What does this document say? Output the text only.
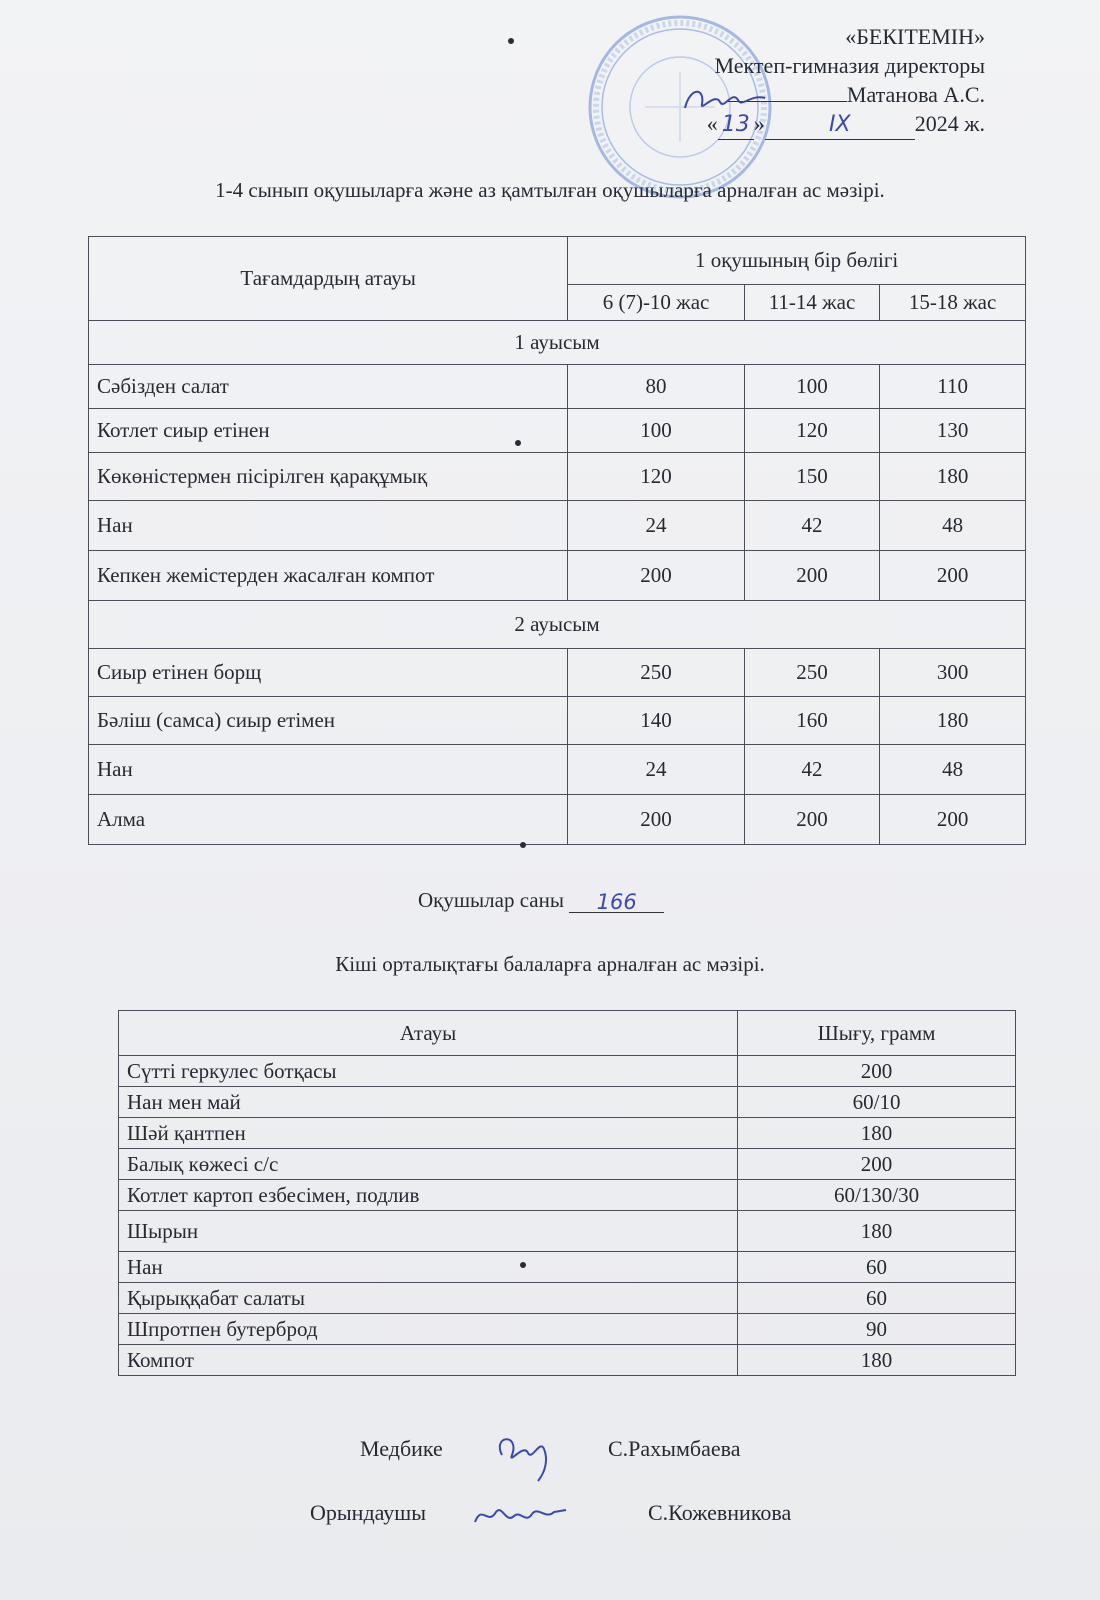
«БЕКІТЕМІН»
Мектеп-гимназия директоры
Матанова А.С.
« 13 »	IX	2024 ж.
1-4 сынып оқушыларға және аз қамтылған оқушыларға арналған ас мәзірі.
Тағамдардың атауы	1 оқушының бір бөлігі		
	6 (7)-10 жас	11-14 жас	15-18 жас
1 ауысым			
Сәбізден салат	80	100	110
Котлет сиыр етінен	100	120	130
Көкөністермен пісірілген қарақұмық	120	150	180
Нан	24	42	48
Кепкен жемістерден жасалған компот	200	200	200
2 ауысым			
Сиыр етінен борщ	250	250	300
Бәліш (самса) сиыр етімен	140	160	180
Нан	24	42	48
Алма	200	200	200
Оқушылар саны 166
Кіші орталықтағы балаларға арналған ас мәзірі.
Атауы	Шығу, грамм
Сүтті геркулес ботқасы	200
Нан мен май	60/10
Шәй қантпен	180
Балық көжесі с/с	200
Котлет картоп езбесімен, подлив	60/130/30
Шырын	180
Нан	60
Қырыққабат салаты	60
Шпротпен бутерброд	90
Компот	180
Медбике	С.Рахымбаева
Орындаушы	С.Кожевникова
